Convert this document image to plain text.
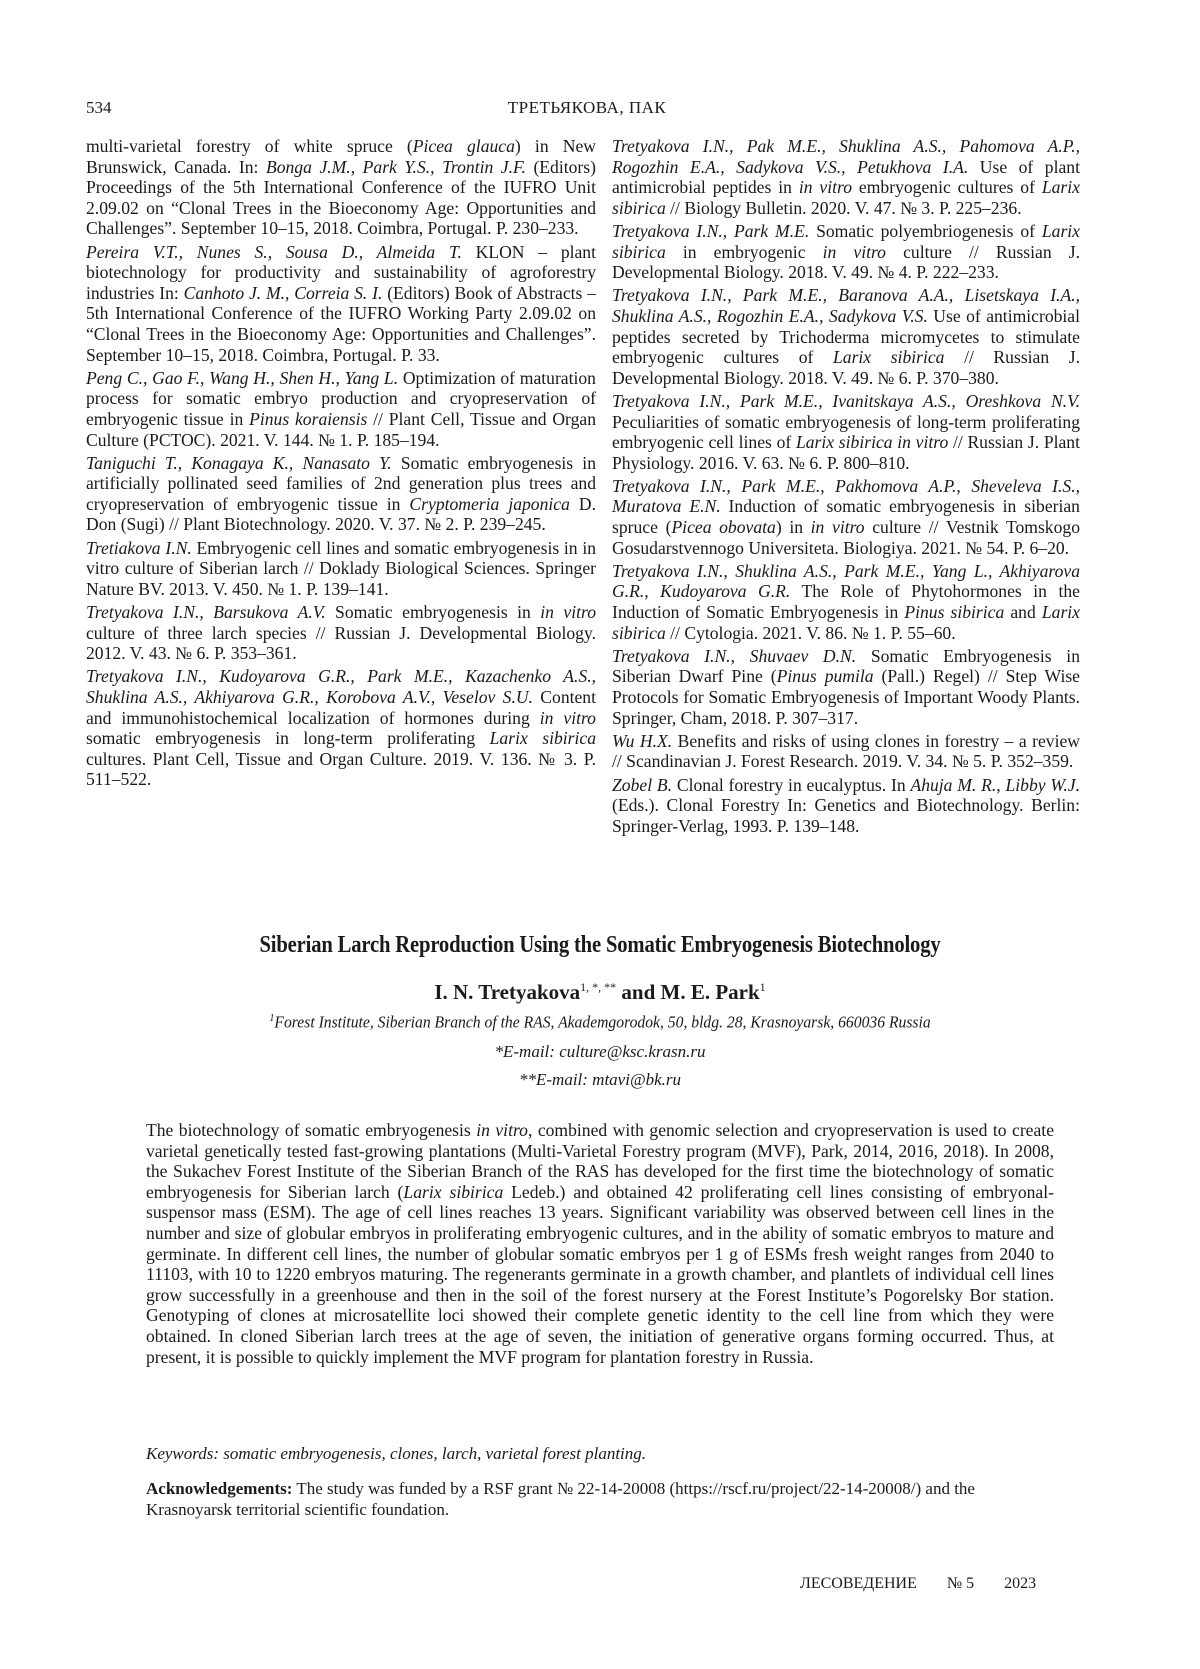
534	ТРЕТЬЯКОВА, ПАК

multi-varietal forestry of white spruce (Picea glauca) in New Brunswick, Canada. In: Bonga J.M., Park Y.S., Trontin J.F. (Editors) Proceedings of the 5th International Conference of the IUFRO Unit 2.09.02 on “Clonal Trees in the Bioeconomy Age: Opportunities and Challenges”. September 10–15, 2018. Coimbra, Portugal. P. 230–233.

Pereira V.T., Nunes S., Sousa D., Almeida T. KLON – plant biotechnology for productivity and sustainability of agroforestry industries In: Canhoto J. M., Correia S. I. (Editors) Book of Abstracts – 5th International Conference of the IUFRO Working Party 2.09.02 on “Clonal Trees in the Bioeconomy Age: Opportunities and Challenges”. September 10–15, 2018. Coimbra, Portugal. P. 33.

Peng C., Gao F., Wang H., Shen H., Yang L. Optimization of maturation process for somatic embryo production and cryopreservation of embryogenic tissue in Pinus koraiensis // Plant Cell, Tissue and Organ Culture (PCTOC). 2021. V. 144. № 1. P. 185–194.

Taniguchi T., Konagaya K., Nanasato Y. Somatic embryogenesis in artificially pollinated seed families of 2nd generation plus trees and cryopreservation of embryogenic tissue in Cryptomeria japonica D. Don (Sugi) // Plant Biotechnology. 2020. V. 37. № 2. P. 239–245.

Tretiakova I.N. Embryogenic cell lines and somatic embryogenesis in in vitro culture of Siberian larch // Doklady Biological Sciences. Springer Nature BV. 2013. V. 450. № 1. P. 139–141.

Tretyakova I.N., Barsukova A.V. Somatic embryogenesis in in vitro culture of three larch species // Russian J. Developmental Biology. 2012. V. 43. № 6. P. 353–361.

Tretyakova I.N., Kudoyarova G.R., Park M.E., Kazachenko A.S., Shuklina A.S., Akhiyarova G.R., Korobova A.V., Veselov S.U. Content and immunohistochemical localization of hormones during in vitro somatic embryogenesis in long-term proliferating Larix sibirica cultures. Plant Cell, Tissue and Organ Culture. 2019. V. 136. № 3. P. 511–522.

Tretyakova I.N., Pak M.E., Shuklina A.S., Pahomova A.P., Rogozhin E.A., Sadykova V.S., Petukhova I.A. Use of plant antimicrobial peptides in in vitro embryogenic cultures of Larix sibirica // Biology Bulletin. 2020. V. 47. № 3. P. 225–236.

Tretyakova I.N., Park M.E. Somatic polyembriogenesis of Larix sibirica in embryogenic in vitro culture // Russian J. Developmental Biology. 2018. V. 49. № 4. P. 222–233.

Tretyakova I.N., Park M.E., Baranova A.A., Lisetskaya I.A., Shuklina A.S., Rogozhin E.A., Sadykova V.S. Use of antimicrobial peptides secreted by Trichoderma micromycetes to stimulate embryogenic cultures of Larix sibirica // Russian J. Developmental Biology. 2018. V. 49. № 6. P. 370–380.

Tretyakova I.N., Park M.E., Ivanitskaya A.S., Oreshkova N.V. Peculiarities of somatic embryogenesis of long-term proliferating embryogenic cell lines of Larix sibirica in vitro // Russian J. Plant Physiology. 2016. V. 63. № 6. P. 800–810.

Tretyakova I.N., Park M.E., Pakhomova A.P., Sheveleva I.S., Muratova E.N. Induction of somatic embryogenesis in siberian spruce (Picea obovata) in in vitro culture // Vestnik Tomskogo Gosudarstvennogo Universiteta. Biologiya. 2021. № 54. P. 6–20.

Tretyakova I.N., Shuklina A.S., Park M.E., Yang L., Akhiyarova G.R., Kudoyarova G.R. The Role of Phytohormones in the Induction of Somatic Embryogenesis in Pinus sibirica and Larix sibirica // Cytologia. 2021. V. 86. № 1. P. 55–60.

Tretyakova I.N., Shuvaev D.N. Somatic Embryogenesis in Siberian Dwarf Pine (Pinus pumila (Pall.) Regel) // Step Wise Protocols for Somatic Embryogenesis of Important Woody Plants. Springer, Cham, 2018. P. 307–317.

Wu H.X. Benefits and risks of using clones in forestry – a review // Scandinavian J. Forest Research. 2019. V. 34. № 5. P. 352–359.

Zobel B. Clonal forestry in eucalyptus. In Ahuja M. R., Libby W.J. (Eds.). Clonal Forestry In: Genetics and Biotechnology. Berlin: Springer-Verlag, 1993. P. 139–148.

Siberian Larch Reproduction Using the Somatic Embryogenesis Biotechnology
I. N. Tretyakova$^{1, *, **}$ and M. E. Park$^1$
$^1$Forest Institute, Siberian Branch of the RAS, Akademgorodok, 50, bldg. 28, Krasnoyarsk, 660036 Russia
*E-mail: culture@ksc.krasn.ru
**E-mail: mtavi@bk.ru
The biotechnology of somatic embryogenesis in vitro, combined with genomic selection and cryopreservation is used to create varietal genetically tested fast-growing plantations (Multi-Varietal Forestry program (MVF), Park, 2014, 2016, 2018). In 2008, the Sukachev Forest Institute of the Siberian Branch of the RAS has developed for the first time the biotechnology of somatic embryogenesis for Siberian larch (Larix sibirica Ledeb.) and obtained 42 proliferating cell lines consisting of embryonal-suspensor mass (ESM). The age of cell lines reaches 13 years. Significant variability was observed between cell lines in the number and size of globular embryos in proliferating embryogenic cultures, and in the ability of somatic embryos to mature and germinate. In different cell lines, the number of globular somatic embryos per 1 g of ESMs fresh weight ranges from 2040 to 11103, with 10 to 1220 embryos maturing. The regenerants germinate in a growth chamber, and plantlets of individual cell lines grow successfully in a greenhouse and then in the soil of the forest nursery at the Forest Institute’s Pogorelsky Bor station. Genotyping of clones at microsatellite loci showed their complete genetic identity to the cell line from which they were obtained. In cloned Siberian larch trees at the age of seven, the initiation of generative organs forming occurred. Thus, at present, it is possible to quickly implement the MVF program for plantation forestry in Russia.
Keywords: somatic embryogenesis, clones, larch, varietal forest planting.
Acknowledgements: The study was funded by a RSF grant № 22-14-20008 (https://rscf.ru/project/22-14-20008/) and the Krasnoyarsk territorial scientific foundation.
ЛЕСОВЕДЕНИЕ № 5 2023
